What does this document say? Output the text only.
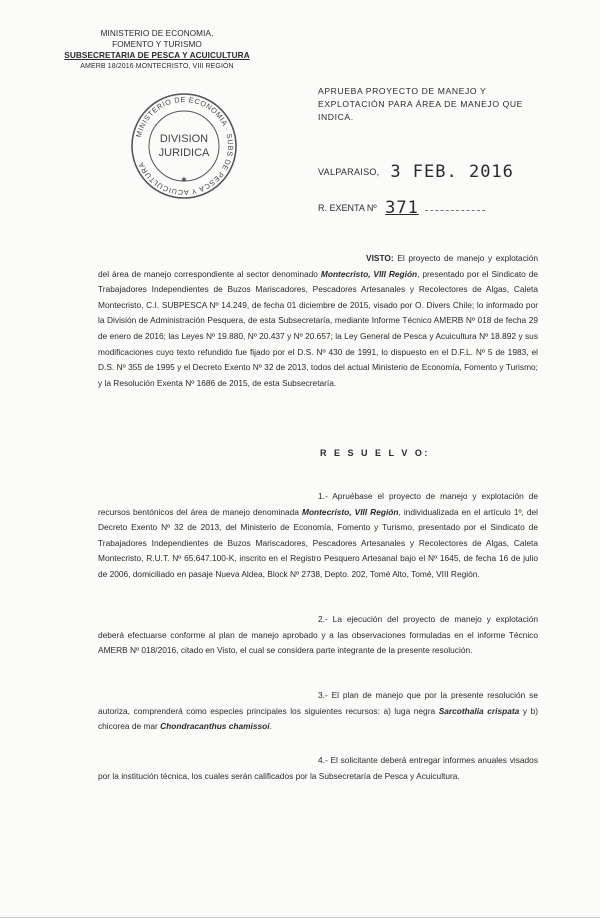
MINISTERIO DE ECONOMIA,
FOMENTO Y TURISMO
SUBSECRETARIA DE PESCA Y ACUICULTURA
AMERB 18/2016 MONTECRISTO, VIII REGIÓN
MINISTERIO DE ECONOMIA · SUBS DE PESCA Y ACUICULTURA
DIVISION
JURIDICA
★
APRUEBA PROYECTO DE MANEJO Y EXPLOTACIÓN PARA ÁREA DE MANEJO QUE INDICA.
VALPARAISO, 3 FEB. 2016
R. EXENTA Nº 371
VISTO: El proyecto de manejo y explotación del área de manejo correspondiente al sector denominado Montecristo, VIII Región, presentado por el Sindicato de Trabajadores Independientes de Buzos Mariscadores, Pescadores Artesanales y Recolectores de Algas, Caleta Montecristo, C.I. SUBPESCA Nº 14.249, de fecha 01 diciembre de 2015, visado por O. Divers Chile; lo informado por la División de Administración Pesquera, de esta Subsecretaría, mediante Informe Técnico AMERB Nº 018 de fecha 29 de enero de 2016; las Leyes Nº 19.880, Nº 20.437 y Nº 20.657; la Ley General de Pesca y Acuicultura Nº 18.892 y sus modificaciones cuyo texto refundido fue fijado por el D.S. Nº 430 de 1991, lo dispuesto en el D.F.L. Nº 5 de 1983, el D.S. Nº 355 de 1995 y el Decreto Exento Nº 32 de 2013, todos del actual Ministerio de Economía, Fomento y Turismo; y la Resolución Exenta Nº 1686 de 2015, de esta Subsecretaría.
R E S U E L V O:
1.- Apruébase el proyecto de manejo y explotación de recursos bentónicos del área de manejo denominada Montecristo, VIII Región, individualizada en el artículo 1º, del Decreto Exento Nº 32 de 2013, del Ministerio de Economía, Fomento y Turismo, presentado por el Sindicato de Trabajadores Independientes de Buzos Mariscadores, Pescadores Artesanales y Recolectores de Algas, Caleta Montecristo, R.U.T. Nº 65.647.100-K, inscrito en el Registro Pesquero Artesanal bajo el Nº 1645, de fecha 16 de julio de 2006, domiciliado en pasaje Nueva Aldea, Block Nº 2738, Depto. 202, Tomé Alto, Tomé, VIII Región.
2.- La ejecución del proyecto de manejo y explotación deberá efectuarse conforme al plan de manejo aprobado y a las observaciones formuladas en el informe Técnico AMERB Nº 018/2016, citado en Visto, el cual se considera parte integrante de la presente resolución.
3.- El plan de manejo que por la presente resolución se autoriza, comprenderá como especies principales los siguientes recursos: a) luga negra Sarcothalia crispata y b) chicorea de mar Chondracanthus chamissoi.
4.- El solicitante deberá entregar informes anuales visados por la institución técnica, los cuales serán calificados por la Subsecretaría de Pesca y Acuicultura.
